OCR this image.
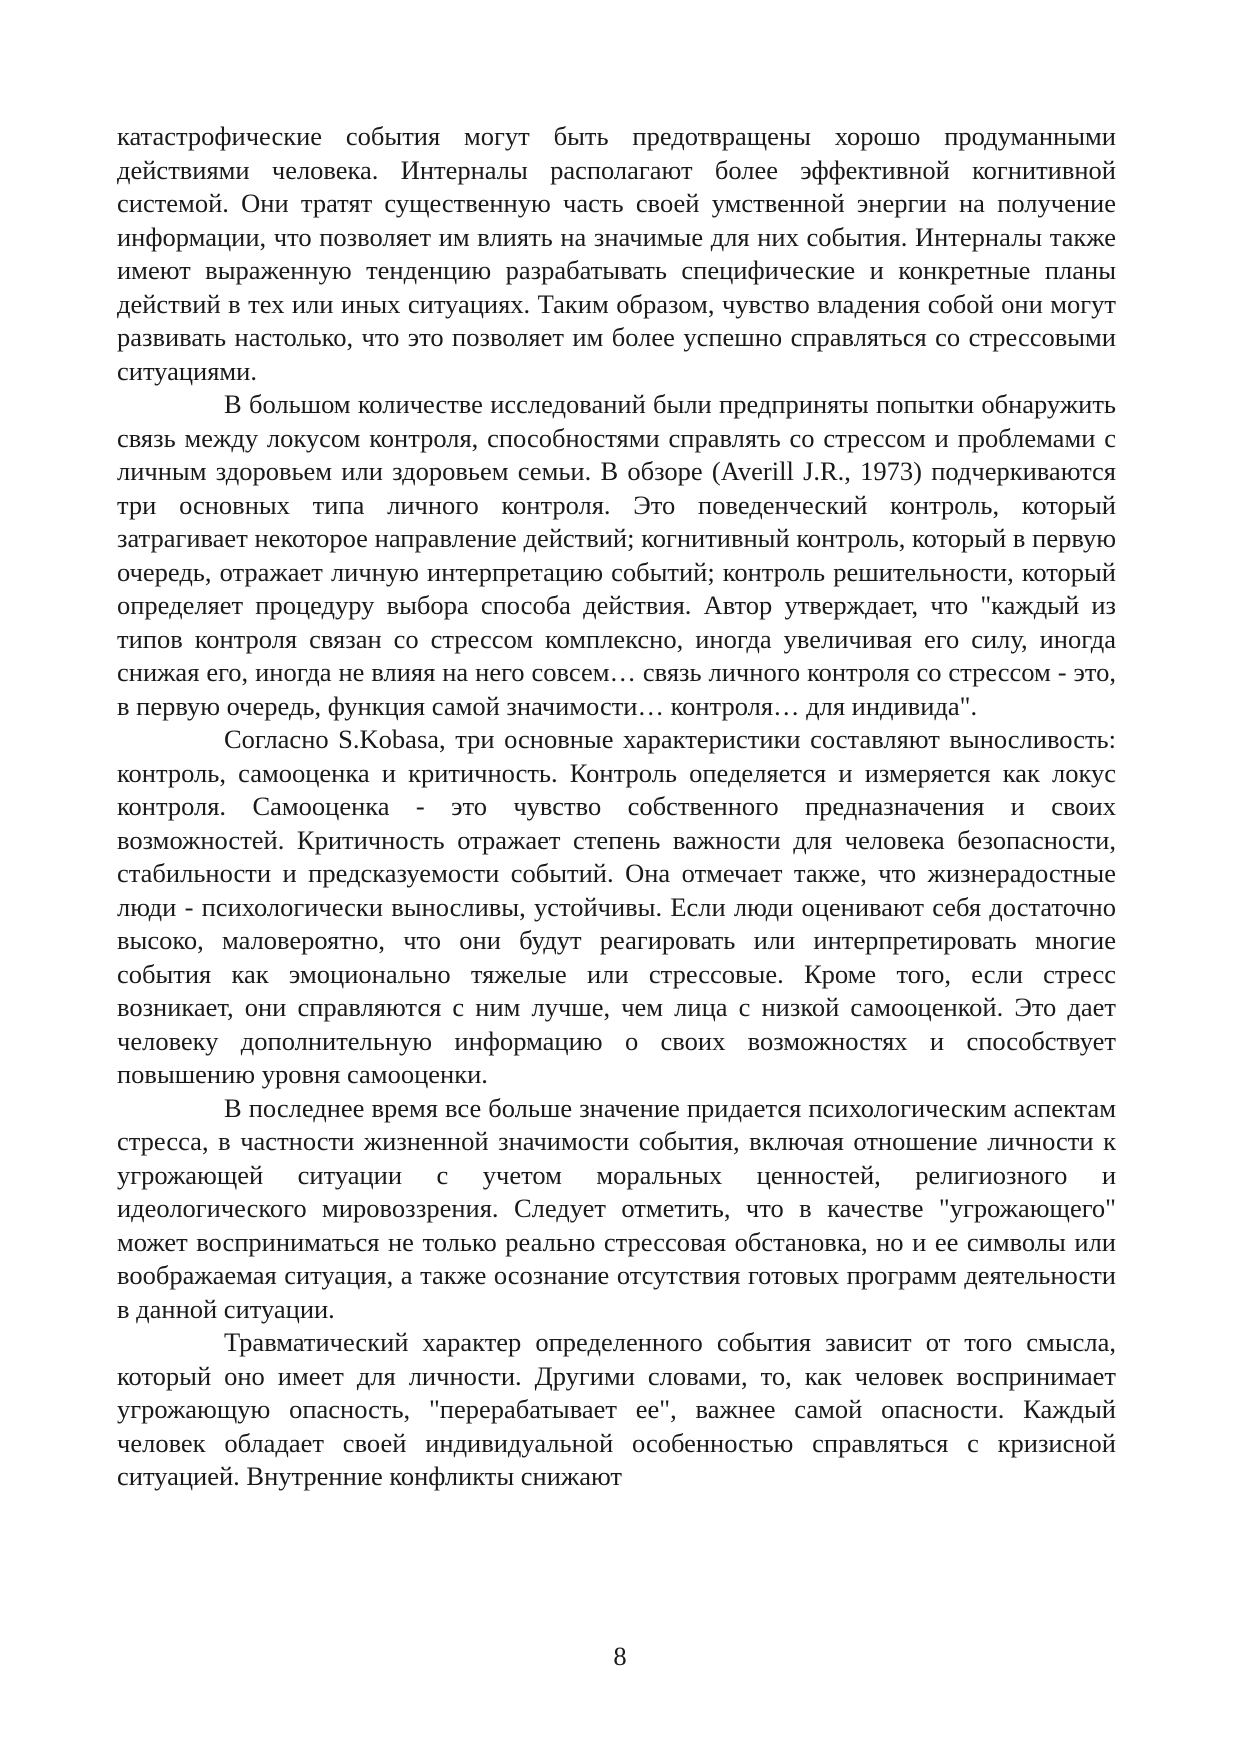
катастрофические события могут быть предотвращены хорошо продуманными действиями человека. Интерналы располагают более эффективной когнитивной системой. Они тратят существенную часть своей умственной энергии на получение информации, что позволяет им влиять на значимые для них события. Интерналы также имеют выраженную тенденцию разрабатывать специфические и конкретные планы действий в тех или иных ситуациях. Таким образом, чувство владения собой они могут развивать настолько, что это позволяет им более успешно справляться со стрессовыми ситуациями.

В большом количестве исследований были предприняты попытки обнаружить связь между локусом контроля, способностями справлять со стрессом и проблемами с личным здоровьем или здоровьем семьи. В обзоре (Averill J.R., 1973) подчеркиваются три основных типа личного контроля. Это поведенческий контроль, который затрагивает некоторое направление действий; когнитивный контроль, который в первую очередь, отражает личную интерпретацию событий; контроль решительности, который определяет процедуру выбора способа действия. Автор утверждает, что "каждый из типов контроля связан со стрессом комплексно, иногда увеличивая его силу, иногда снижая его, иногда не влияя на него совсем… связь личного контроля со стрессом - это, в первую очередь, функция самой значимости… контроля… для индивида".

Согласно S.Kobasa, три основные характеристики составляют выносливость: контроль, самооценка и критичность. Контроль опеделяется и измеряется как локус контроля. Самооценка - это чувство собственного предназначения и своих возможностей. Критичность отражает степень важности для человека безопасности, стабильности и предсказуемости событий. Она отмечает также, что жизнерадостные люди - психологически выносливы, устойчивы. Если люди оценивают себя достаточно высоко, маловероятно, что они будут реагировать или интерпретировать многие события как эмоционально тяжелые или стрессовые. Кроме того, если стресс возникает, они справляются с ним лучше, чем лица с низкой самооценкой. Это дает человеку дополнительную информацию о своих возможностях и способствует повышению уровня самооценки.

В последнее время все больше значение придается психологическим аспектам стресса, в частности жизненной значимости события, включая отношение личности к угрожающей ситуации с учетом моральных ценностей, религиозного и идеологического мировоззрения. Следует отметить, что в качестве "угрожающего" может восприниматься не только реально стрессовая обстановка, но и ее символы или воображаемая ситуация, а также осознание отсутствия готовых программ деятельности в данной ситуации.

Травматический характер определенного события зависит от того смысла, который оно имеет для личности. Другими словами, то, как человек воспринимает угрожающую опасность, "перерабатывает ее", важнее самой опасности. Каждый человек обладает своей индивидуальной особенностью справляться с кризисной ситуацией. Внутренние конфликты снижают

8
